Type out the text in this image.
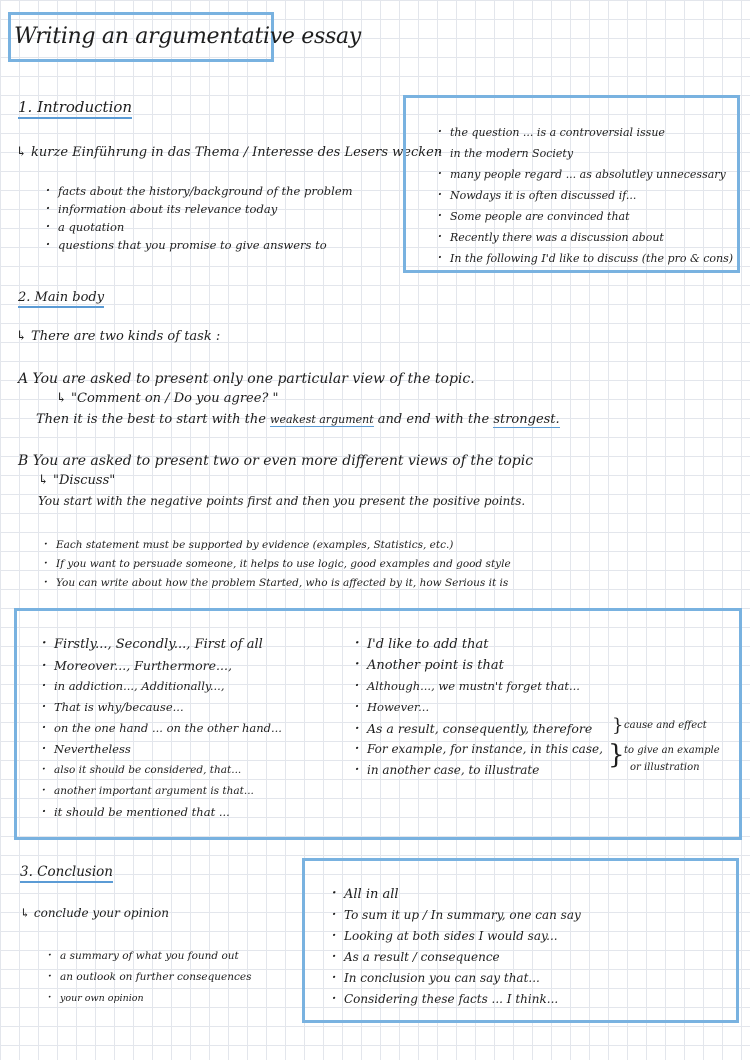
Writing an argumentative essay
1. Introduction
↳ kurze Einführung in das Thema / Interesse des Lesers wecken
· facts about the history/background of the problem
· information about its relevance today
· a quotation
· questions that you promise to give answers to
· the question ... is a controversial issue
· in the modern Society
· many people regard ... as absolutley unnecessary
· Nowdays it is often discussed if...
· Some people are convinced that
· Recently there was a discussion about
· In the following I'd like to discuss (the pro & cons)
2. Main body
↳ There are two kinds of task :
A You are asked to present only one particular view of the topic.
↳ "Comment on / Do you agree? "
Then it is the best to start with the weakest argument and end with the strongest.
B You are asked to present two or even more different views of the topic
↳ "Discuss"
You start with the negative points first and then you present the positive points.
· Each statement must be supported by evidence (examples, Statistics, etc.)
· If you want to persuade someone, it helps to use logic, good examples and good style
· You can write about how the problem Started, who is affected by it, how Serious it is
· Firstly..., Secondly..., First of all
· Moreover..., Furthermore...,
· in addiction..., Additionally...,
· That is why/because...
· on the one hand ... on the other hand...
· Nevertheless
· also it should be considered, that...
· another important argument is that...
· it should be mentioned that ...
· I'd like to add that
· Another point is that
· Although..., we mustn't forget that...
· However...
· As a result, consequently, therefore
· For example, for instance, in this case,
· in another case, to illustrate
} cause and effect
} to give an example
or illustration
3. Conclusion
↳ conclude your opinion
· a summary of what you found out
· an outlook on further consequences
· your own opinion
· All in all
· To sum it up / In summary, one can say
· Looking at both sides I would say...
· As a result / consequence
· In conclusion you can say that...
· Considering these facts ... I think...
